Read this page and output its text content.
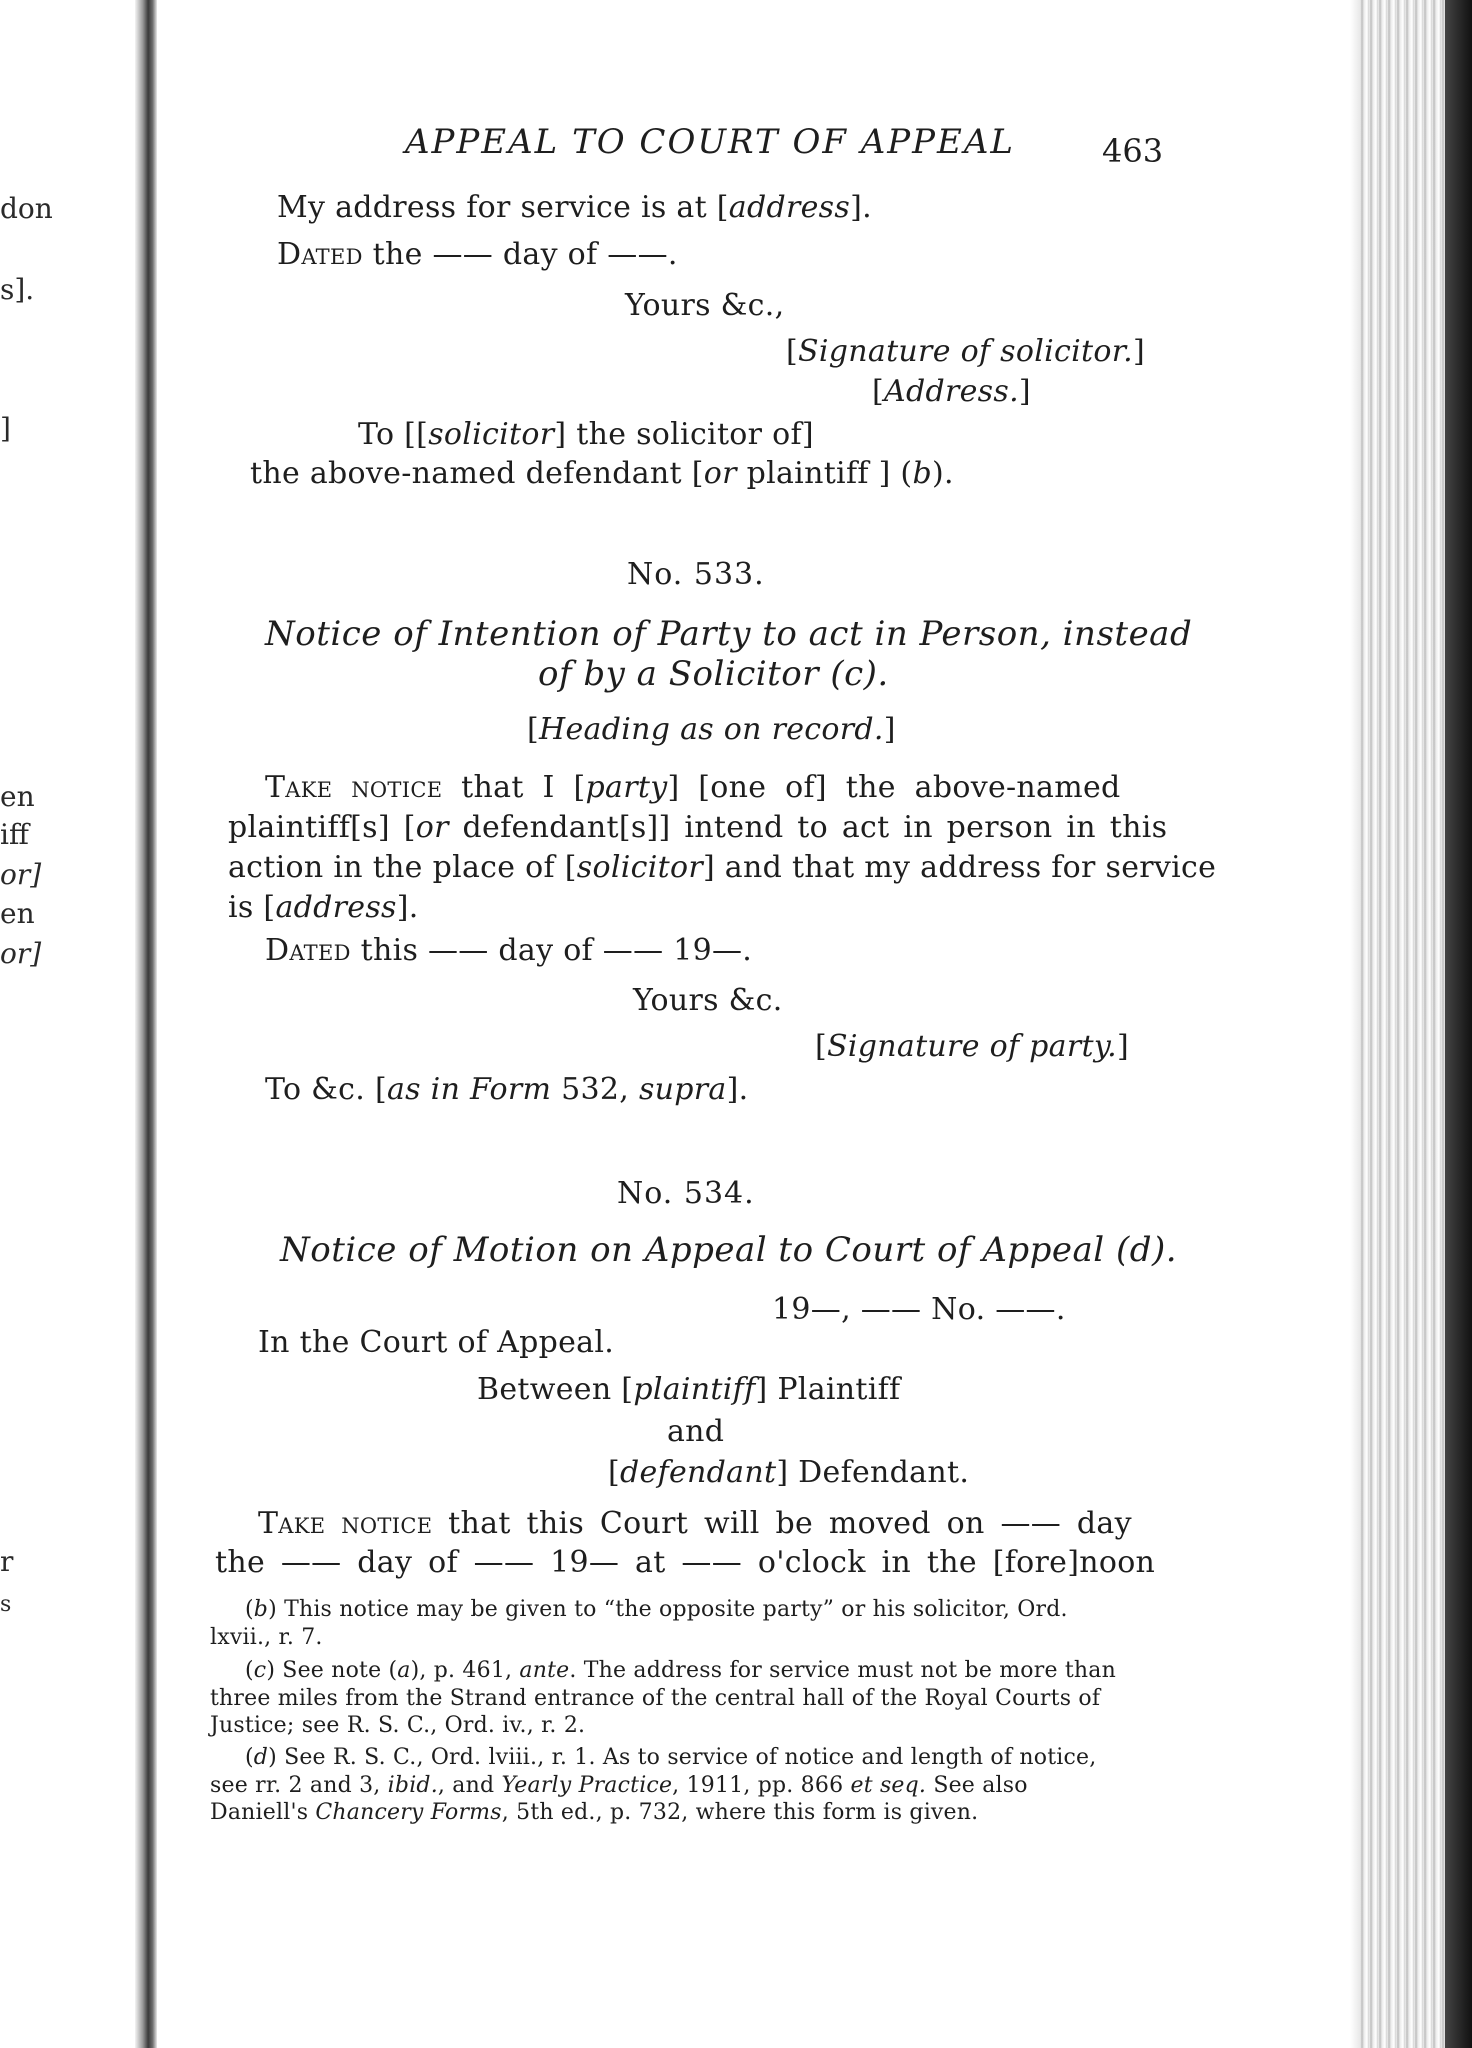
don
s].
]
en
iff
or]
en
or]
r
s
APPEAL TO COURT OF APPEAL	463
My address for service is at [address].
Dated the —— day of ——.
Yours &c.,
[Signature of solicitor.]
[Address.]
To [[solicitor] the solicitor of]
the above-named defendant [or plaintiff ] (b).
No. 533.
Notice of Intention of Party to act in Person, instead
of by a Solicitor (c).
[Heading as on record.]
Take notice that I [party] [one of] the above-named
plaintiff[s] [or defendant[s]] intend to act in person in this
action in the place of [solicitor] and that my address for service
is [address].
Dated this —— day of —— 19—.
Yours &c.
[Signature of party.]
To &c. [as in Form 532, supra].
No. 534.
Notice of Motion on Appeal to Court of Appeal (d).
19—, —— No. ——.
In the Court of Appeal.
Between [plaintiff] Plaintiff
and
[defendant] Defendant.
Take notice that this Court will be moved on —— day
the —— day of —— 19— at —— o'clock in the [fore]noon
(b) This notice may be given to “the opposite party” or his solicitor, Ord.
lxvii., r. 7.
(c) See note (a), p. 461, ante. The address for service must not be more than
three miles from the Strand entrance of the central hall of the Royal Courts of
Justice; see R. S. C., Ord. iv., r. 2.
(d) See R. S. C., Ord. lviii., r. 1. As to service of notice and length of notice,
see rr. 2 and 3, ibid., and Yearly Practice, 1911, pp. 866 et seq. See also
Daniell's Chancery Forms, 5th ed., p. 732, where this form is given.
